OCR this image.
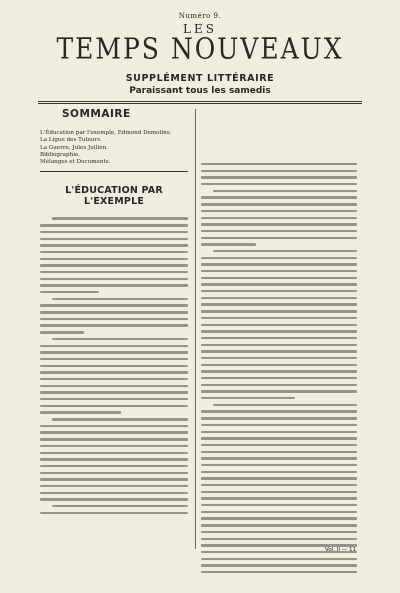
Numéro 9.
LES
TEMPS NOUVEAUX
SUPPLÉMENT LITTÉRAIRE
Paraissant tous les samedis
SOMMAIRE
L'Éducation par l'exemple, Edmond Demolins.
La Ligue des Tuteurs.
La Guerre, Jules Jullien.
Bibliographie.
Mélanges et Documents.
L'ÉDUCATION PAR L'EXEMPLE
Vol. II — 11
